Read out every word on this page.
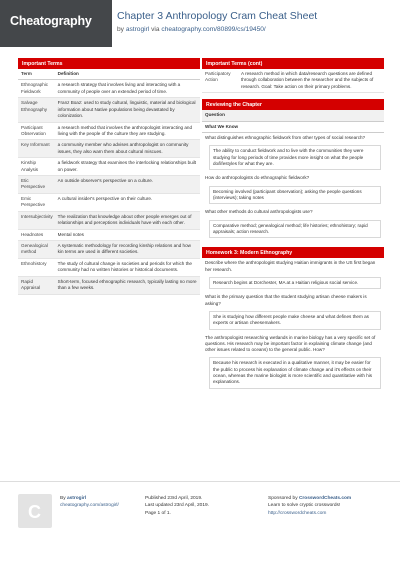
Cheatography Chapter 3 Anthropology Cram Cheat Sheet
by astrogirl via cheatography.com/80899/cs/19450/
Important Terms
Term	Definition
Ethnographic Fieldwork	a research strategy that involves living and interacting with a community of people over an extended period of time.
Salvage Ethnography	Franz Boaz: used to study cultural, linguistic, material and biological information about Native populations being devastated by colonization.
Participant Observation	a research method that involves the anthropologist interacting and living with the people of the culture they are studying.
Key Informant	a community member who advises anthropologist on community issues, they also warn them about cultural miscues.
Kinship Analysis	a fieldwork strategy that examines the interlocking relationships built on power.
Etic Perspective	An outside observer's perspective on a culture.
Emic Perspective	A cultural insider's perspective on their culture.
Intersubjectivity	The realization that knowledge about other people emerges out of relationships and perceptions individuals have with each other.
Headnotes	Mental notes
Genealogical method	A systematic methodology for recording kinship relations and how kin terms are used in different societies.
Ethnohistory	The study of cultural change in societies and periods for which the community had no written histories or historical documents.
Rapid Appraisal	Short-term, focused ethnographic research, typically lasting no more than a few weeks.
Important Terms (cont)
Participatory Action	A research method in which data/research questions are defined through collaboration between the researcher and the subjects of research. Goal: Take action on their primary problems.
Reviewing the Chapter
Question
What We Know
What distinguishes ethnographic fieldwork from other types of social research?
The ability to conduct fieldwork and to live with the communities they were studying for long periods of time provides more insight on what the people do/lifestyles for what they are.
How do anthropologists do ethnographic fieldwork?
Becoming involved (participant observation); asking the people questions (interviews); taking notes
What other methods do cultural anthropologists use?
Comparative method; genealogical method; life histories; ethnohistory; rapid appraisals; action research.
Homework 3: Modern Ethnography
Describe where the anthropologist studying Haitian immigrants in the US first began her research.
Research begins at Dorchester, MA at a Haitian religious social service.
What is the primary question that the student studying artisan cheese makers is asking?
She is studying how different people make cheese and what defines them as experts or artisan cheesemakers.
The anthropologist researching wetlands in marine biology has a very specific set of questions. His research may be important factor in explaining climate change (and other issues related to oceans) to the general public. How?
Because his research is executed in a qualitative manner, it may be easier for the public to process his explanation of climate change and it's effects on their ocean, whereas the marine biologist is more scientific and quantitative with his explanations.
C
By astrogirl
cheatography.com/astrogirl/
Published 23rd April, 2019.
Last updated 23rd April, 2019.
Page 1 of 1.
Sponsored by CrosswordCheats.com
Learn to solve cryptic crosswords!
http://crosswordcheats.com
